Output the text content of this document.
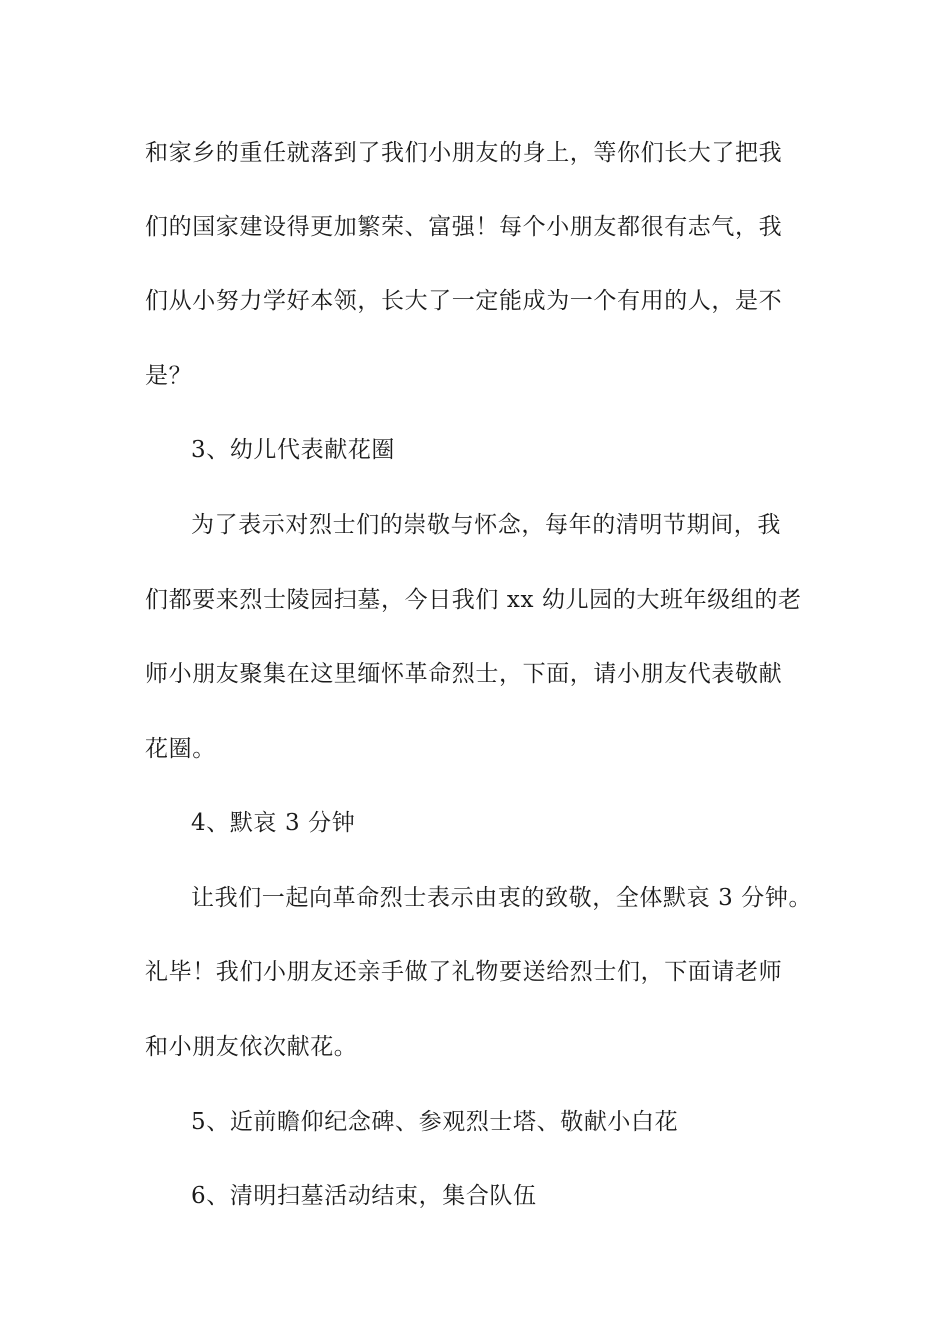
和家乡的重任就落到了我们小朋友的身上，等你们长大了把我
们的国家建设得更加繁荣、富强！每个小朋友都很有志气，我
们从小努力学好本领，长大了一定能成为一个有用的人，是不
是？
3、幼儿代表献花圈
为了表示对烈士们的崇敬与怀念，每年的清明节期间，我
们都要来烈士陵园扫墓，今日我们 xx 幼儿园的大班年级组的老
师小朋友聚集在这里缅怀革命烈士，下面，请小朋友代表敬献
花圈。
4、默哀 3 分钟
让我们一起向革命烈士表示由衷的致敬，全体默哀 3 分钟。
礼毕！我们小朋友还亲手做了礼物要送给烈士们，下面请老师
和小朋友依次献花。
5、近前瞻仰纪念碑、参观烈士塔、敬献小白花
6、清明扫墓活动结束，集合队伍
